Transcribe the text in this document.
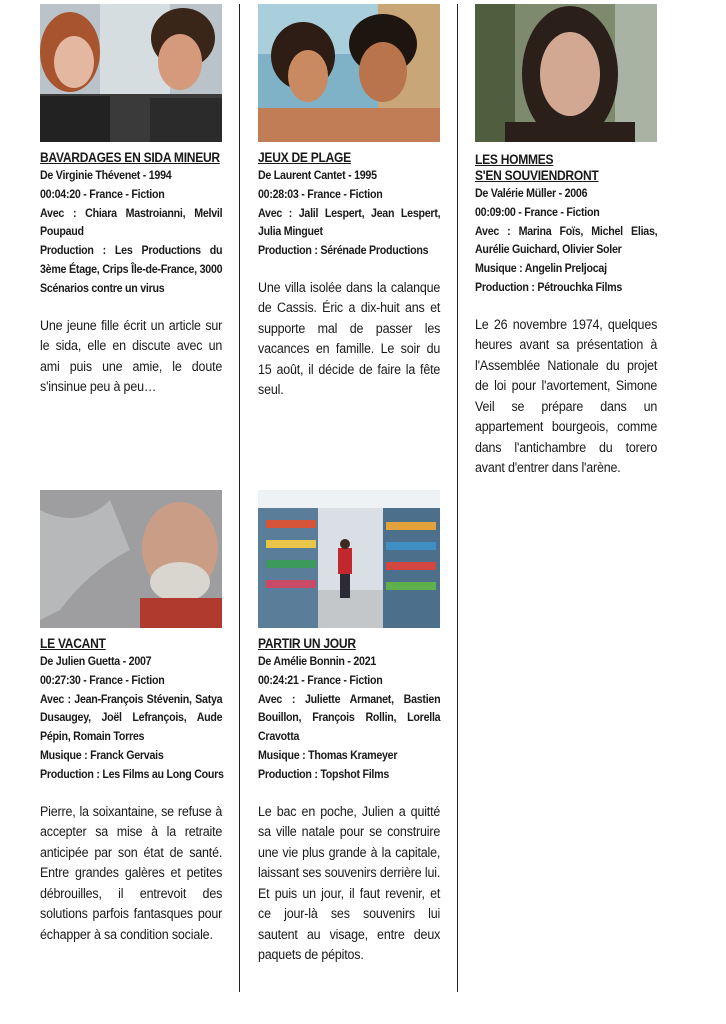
BAVARDAGES EN SIDA MINEUR
De Virginie Thévenet - 1994
00:04:20 - France - Fiction
Avec : Chiara Mastroianni, Melvil Poupaud
Production : Les Productions du 3ème Étage, Crips Île-de-France, 3000 Scénarios contre un virus
Une jeune fille écrit un article sur le sida, elle en discute avec un ami puis une amie, le doute s'insinue peu à peu…
JEUX DE PLAGE
De Laurent Cantet - 1995
00:28:03 - France - Fiction
Avec : Jalil Lespert, Jean Lespert, Julia Minguet
Production : Sérénade Productions
Une villa isolée dans la calanque de Cassis. Éric a dix-huit ans et supporte mal de passer les vacances en famille. Le soir du 15 août, il décide de faire la fête seul.
LES HOMMES
S'EN SOUVIENDRONT
De Valérie Müller - 2006
00:09:00 - France - Fiction
Avec : Marina Foïs, Michel Elias, Aurélie Guichard, Olivier Soler
Musique : Angelin Preljocaj
Production : Pétrouchka Films
Le 26 novembre 1974, quelques heures avant sa présentation à l'Assemblée Nationale du projet de loi pour l'avortement, Simone Veil se prépare dans un appartement bourgeois, comme dans l'antichambre du torero avant d'entrer dans l'arène.
LE VACANT
De Julien Guetta - 2007
00:27:30 - France - Fiction
Avec : Jean-François Stévenin, Satya Dusaugey, Joël Lefrançois, Aude Pépin, Romain Torres
Musique : Franck Gervais
Production : Les Films au Long Cours
Pierre, la soixantaine, se refuse à accepter sa mise à la retraite anticipée par son état de santé. Entre grandes galères et petites débrouilles, il entrevoit des solutions parfois fantasques pour échapper à sa condition sociale.
PARTIR UN JOUR
De Amélie Bonnin - 2021
00:24:21 - France - Fiction
Avec : Juliette Armanet, Bastien Bouillon, François Rollin, Lorella Cravotta
Musique : Thomas Krameyer
Production : Topshot Films
Le bac en poche, Julien a quitté sa ville natale pour se construire une vie plus grande à la capitale, laissant ses souvenirs derrière lui. Et puis un jour, il faut revenir, et ce jour-là ses souvenirs lui sautent au visage, entre deux paquets de pépitos.
